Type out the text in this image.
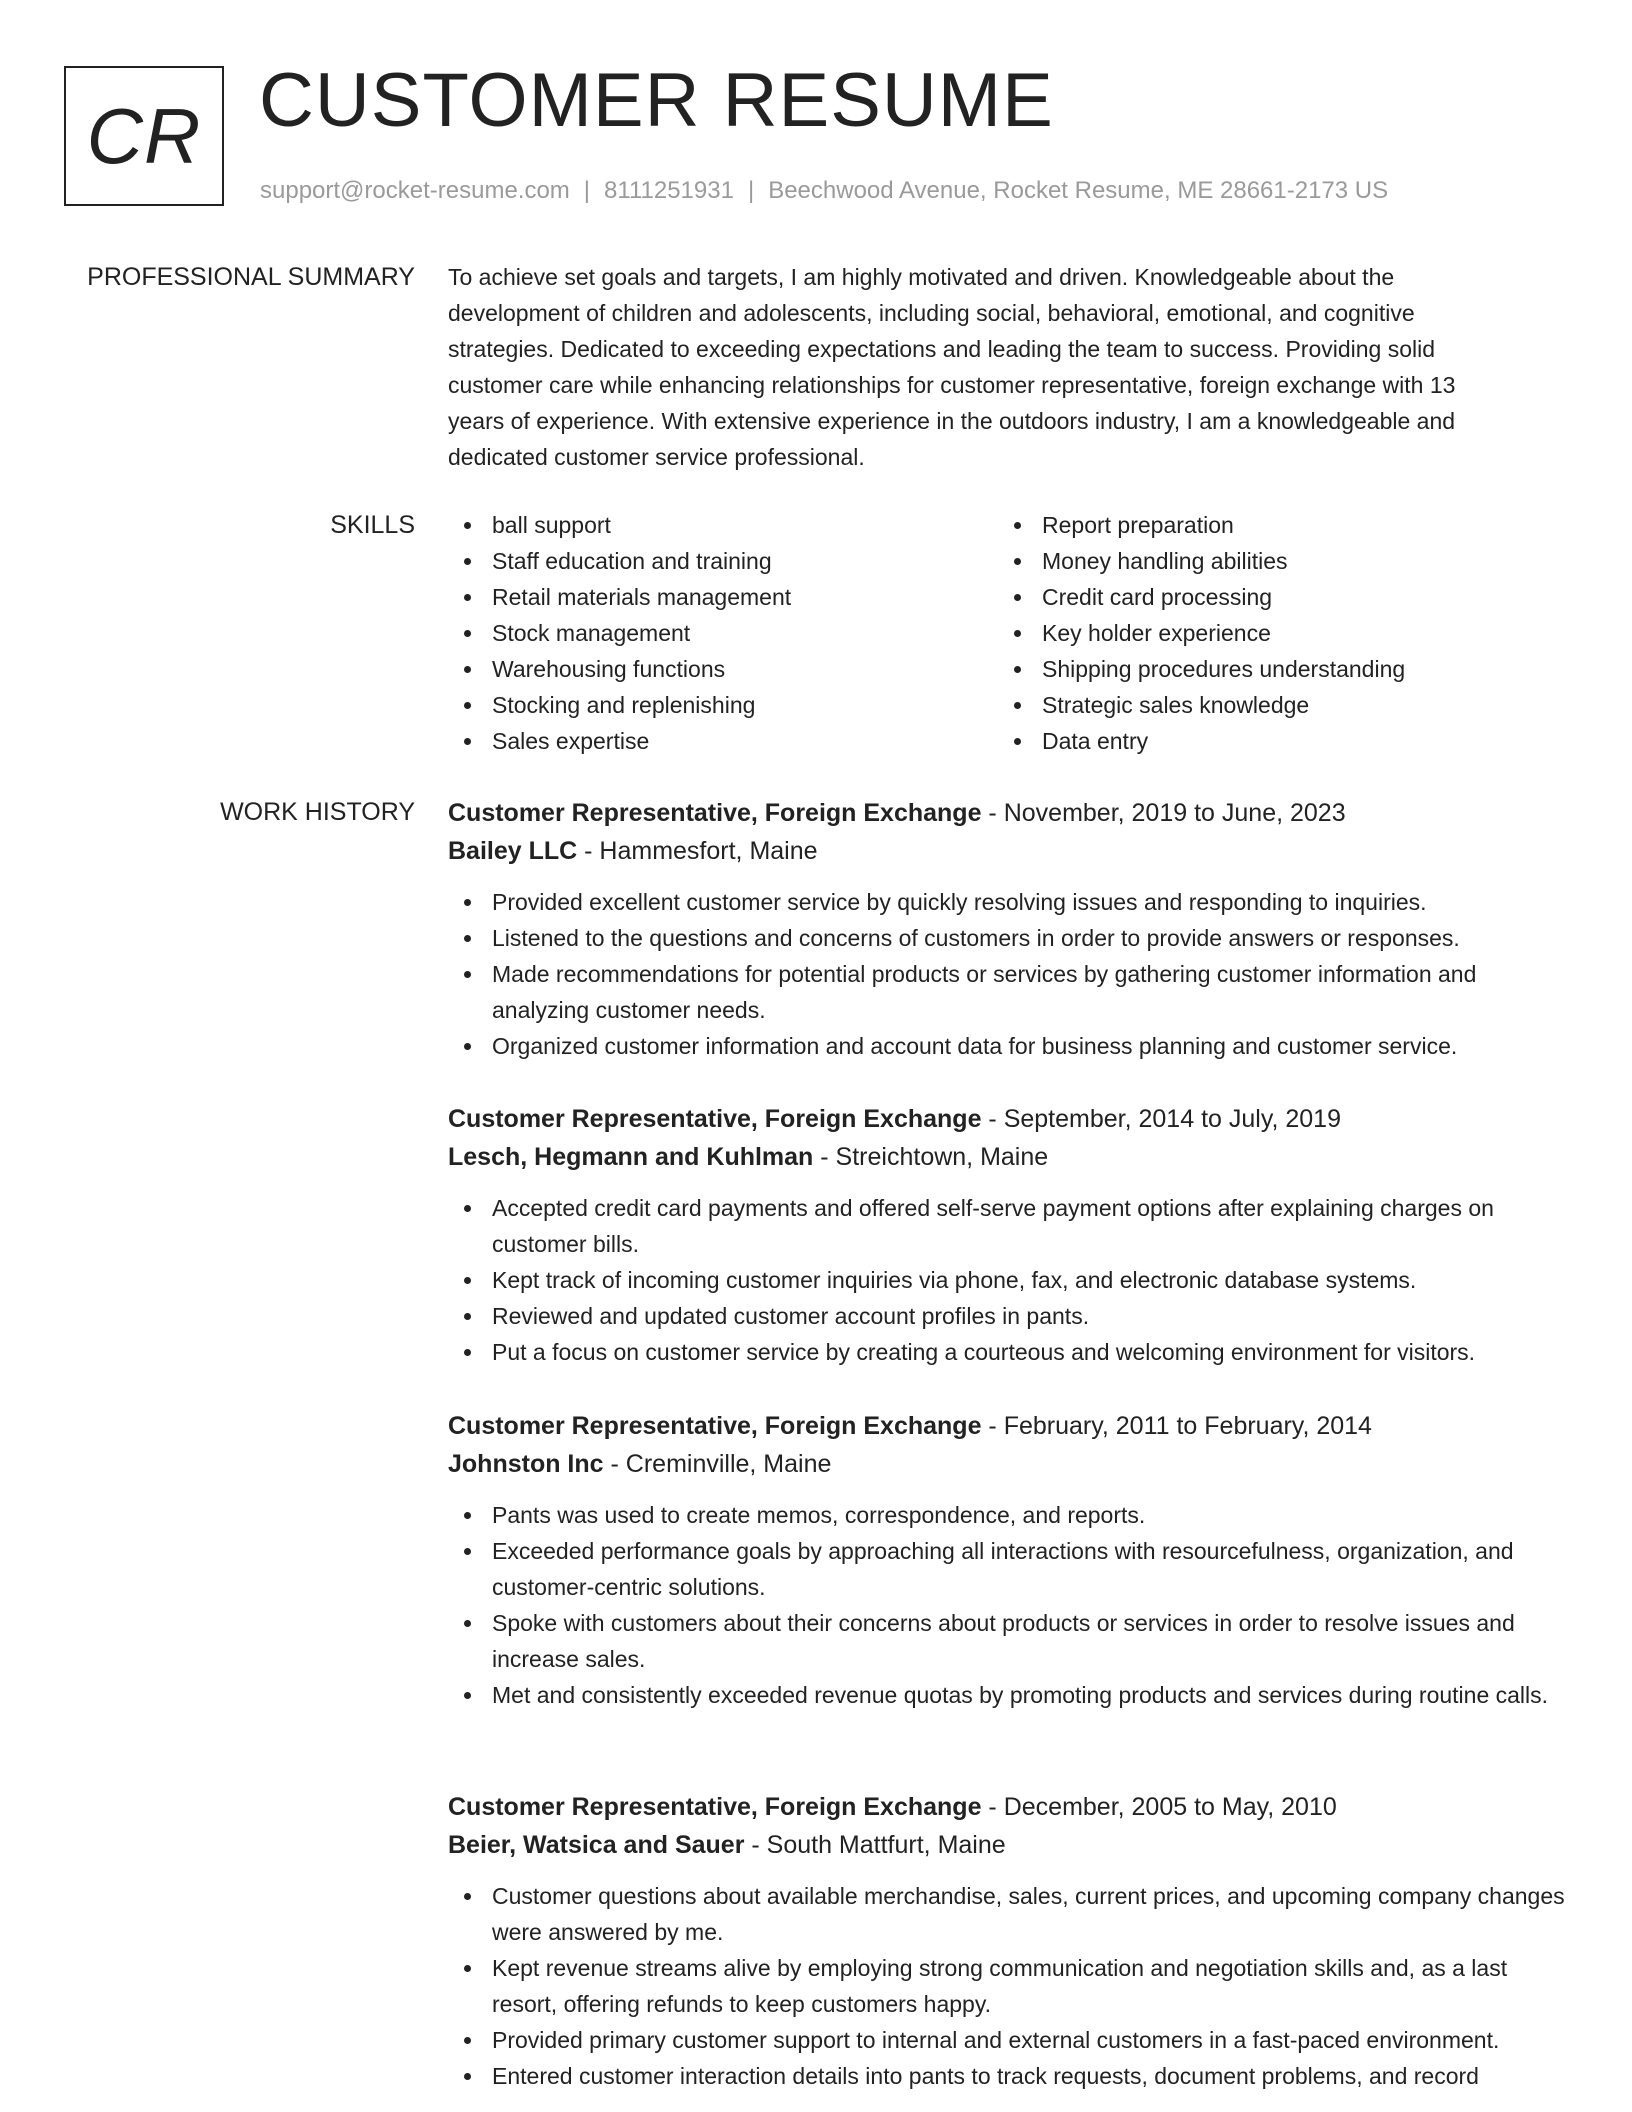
CR CUSTOMER RESUME
support@rocket-resume.com | 8111251931 | Beechwood Avenue, Rocket Resume, ME 28661-2173 US
PROFESSIONAL SUMMARY To achieve set goals and targets, I am highly motivated and driven. Knowledgeable about the

development of children and adolescents, including social, behavioral, emotional, and cognitive

strategies. Dedicated to exceeding expectations and leading the team to success. Providing solid

customer care while enhancing relationships for customer representative, foreign exchange with 13

years of experience. With extensive experience in the outdoors industry, I am a knowledgeable and

dedicated customer service professional.

SKILLS	ball support
Staff education and training
Retail materials management
Stock management
Warehousing functions
Stocking and replenishing
Sales expertise
Report preparation
Money handling abilities
Credit card processing
Key holder experience
Shipping procedures understanding
Strategic sales knowledge
Data entry
WORK HISTORY Customer Representative, Foreign Exchange - November, 2019 to June, 2023
Bailey LLC - Hammesfort, Maine
Provided excellent customer service by quickly resolving issues and responding to inquiries.
Listened to the questions and concerns of customers in order to provide answers or responses.
Made recommendations for potential products or services by gathering customer information and analyzing customer needs.
Organized customer information and account data for business planning and customer service.
Customer Representative, Foreign Exchange - September, 2014 to July, 2019
Lesch, Hegmann and Kuhlman - Streichtown, Maine
Accepted credit card payments and offered self-serve payment options after explaining charges on customer bills.
Kept track of incoming customer inquiries via phone, fax, and electronic database systems.
Reviewed and updated customer account profiles in pants.
Put a focus on customer service by creating a courteous and welcoming environment for visitors.
Customer Representative, Foreign Exchange - February, 2011 to February, 2014
Johnston Inc - Creminville, Maine
Pants was used to create memos, correspondence, and reports.
Exceeded performance goals by approaching all interactions with resourcefulness, organization, and customer-centric solutions.
Spoke with customers about their concerns about products or services in order to resolve issues and increase sales.
Met and consistently exceeded revenue quotas by promoting products and services during routine calls.
Customer Representative, Foreign Exchange - December, 2005 to May, 2010
Beier, Watsica and Sauer - South Mattfurt, Maine
Customer questions about available merchandise, sales, current prices, and upcoming company changes were answered by me.
Kept revenue streams alive by employing strong communication and negotiation skills and, as a last resort, offering refunds to keep customers happy.
Provided primary customer support to internal and external customers in a fast-paced environment.
Entered customer interaction details into pants to track requests, document problems, and record
